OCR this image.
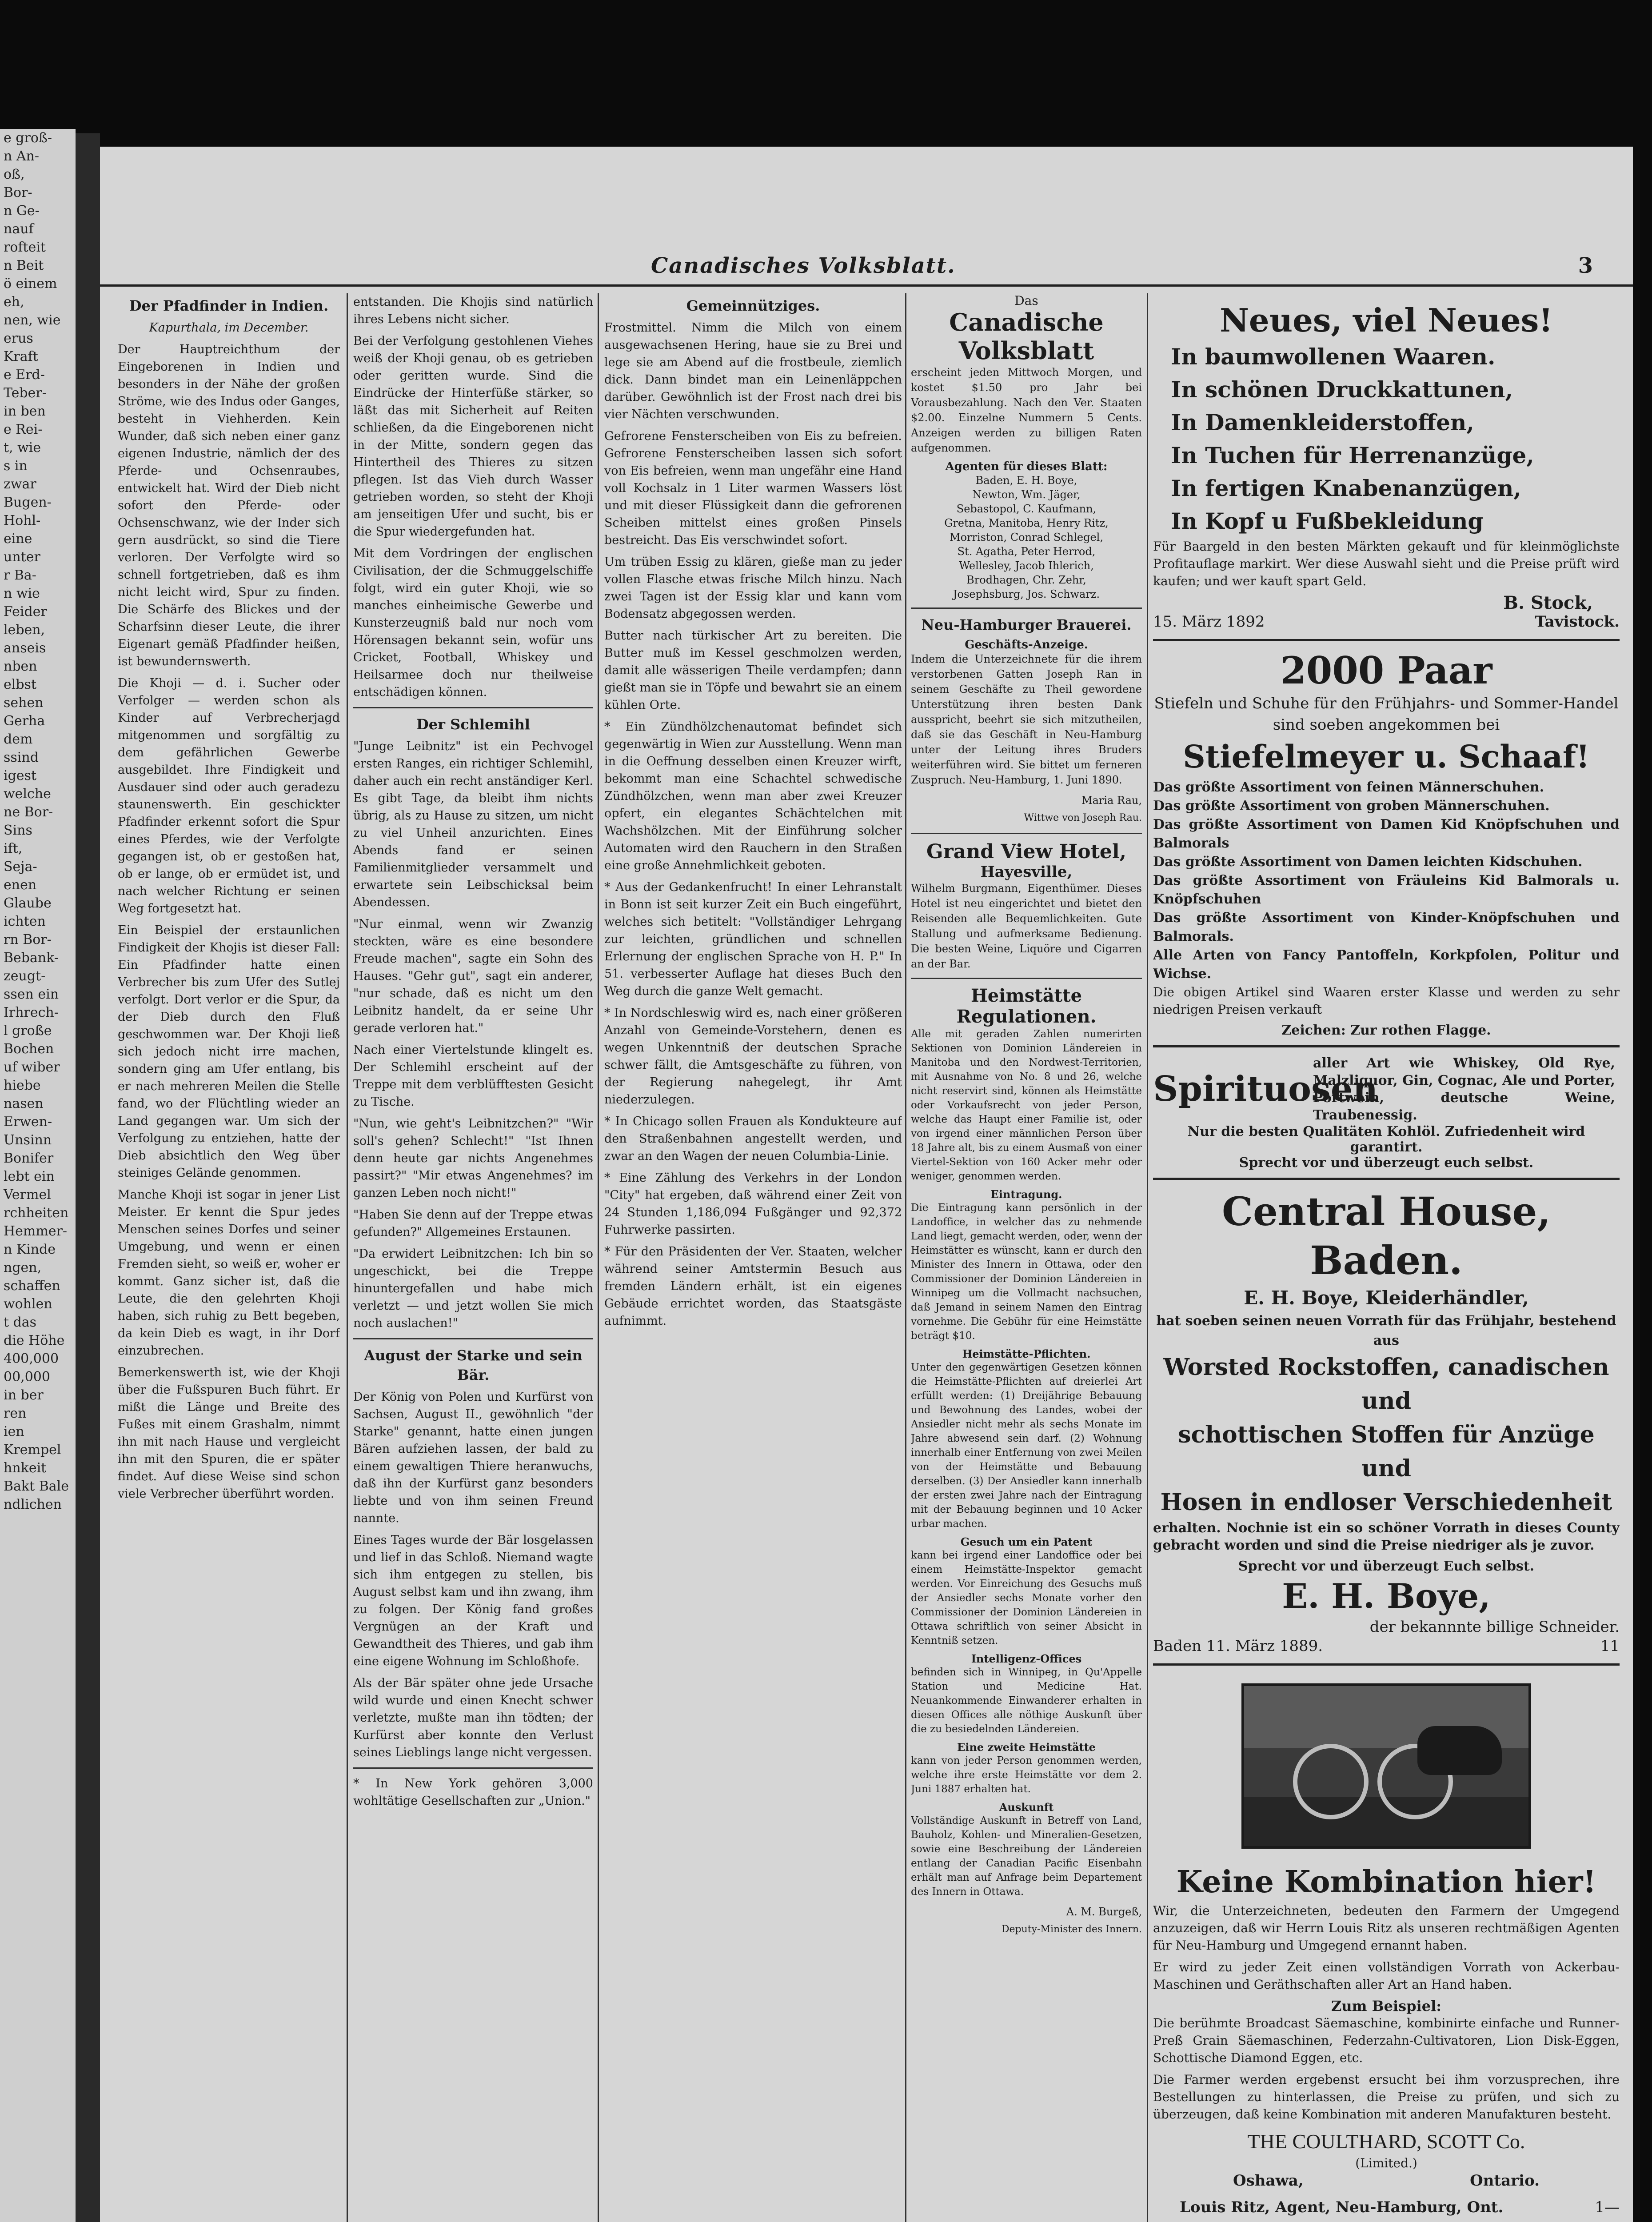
e groß-
n An-
oß,
Bor-
n Ge-
nauf
rofteit
n Beit
ö einem
eh,
nen, wie
erus
Kraft
e Erd-
Teber-
in ben
e Rei-
t, wie
s in
zwar
Bugen-
Hohl-
eine
unter
r Ba-
n wie
Feider
leben,
anseis
nben
elbst
sehen
Gerha
dem
ssind
igest
welche
ne Bor-
Sins
ift,
Seja-
enen
Glaube
ichten
rn Bor-
Bebank-
zeugt-
ssen ein
Irhrech-
l große
Bochen
uf wiber
hiebe
nasen
Erwen-
Unsinn
Bonifer
lebt ein
Vermel
rchheiten
Hemmer-
n Kinde
ngen,
schaffen
wohlen
t das
die Höhe
400,000
00,000
in ber
ren
ien
Krempel
hnkeit
Bakt Bale
ndlichen
Canadisches Volksblatt.	3
Der Pfadfinder in Indien.
Kapurthala, im December.
Der Hauptreichthum der Eingeborenen in Indien und besonders in der Nähe der großen Ströme, wie des Indus oder Ganges, besteht in Viehherden. Kein Wunder, daß sich neben einer ganz eigenen Industrie, nämlich der des Pferde- und Ochsenraubes, entwickelt hat. Wird der Dieb nicht sofort den Pferde- oder Ochsenschwanz, wie der Inder sich gern ausdrückt, so sind die Tiere verloren. Der Verfolgte wird so schnell fortgetrieben, daß es ihm nicht leicht wird, Spur zu finden. Die Schärfe des Blickes und der Scharfsinn dieser Leute, die ihrer Eigenart gemäß Pfadfinder heißen, ist bewundernswerth.
Die Khoji — d. i. Sucher oder Verfolger — werden schon als Kinder auf Verbrecherjagd mitgenommen und sorgfältig zu dem gefährlichen Gewerbe ausgebildet. Ihre Findigkeit und Ausdauer sind oder auch geradezu staunenswerth. Ein geschickter Pfadfinder erkennt sofort die Spur eines Pferdes, wie der Verfolgte gegangen ist, ob er gestoßen hat, ob er lange, ob er ermüdet ist, und nach welcher Richtung er seinen Weg fortgesetzt hat.
Ein Beispiel der erstaunlichen Findigkeit der Khojis ist dieser Fall: Ein Pfadfinder hatte einen Verbrecher bis zum Ufer des Sutlej verfolgt. Dort verlor er die Spur, da der Dieb durch den Fluß geschwommen war. Der Khoji ließ sich jedoch nicht irre machen, sondern ging am Ufer entlang, bis er nach mehreren Meilen die Stelle fand, wo der Flüchtling wieder an Land gegangen war. Um sich der Verfolgung zu entziehen, hatte der Dieb absichtlich den Weg über steiniges Gelände genommen.
Manche Khoji ist sogar in jener List Meister. Er kennt die Spur jedes Menschen seines Dorfes und seiner Umgebung, und wenn er einen Fremden sieht, so weiß er, woher er kommt. Ganz sicher ist, daß die Leute, die den gelehrten Khoji haben, sich ruhig zu Bett begeben, da kein Dieb es wagt, in ihr Dorf einzubrechen.
Bemerkenswerth ist, wie der Khoji über die Fußspuren Buch führt. Er mißt die Länge und Breite des Fußes mit einem Grashalm, nimmt ihn mit nach Hause und vergleicht ihn mit den Spuren, die er später findet. Auf diese Weise sind schon viele Verbrecher überführt worden.
entstanden. Die Khojis sind natürlich ihres Lebens nicht sicher.
Bei der Verfolgung gestohlenen Viehes weiß der Khoji genau, ob es getrieben oder geritten wurde. Sind die Eindrücke der Hinterfüße stärker, so läßt das mit Sicherheit auf Reiten schließen, da die Eingeborenen nicht in der Mitte, sondern gegen das Hintertheil des Thieres zu sitzen pflegen. Ist das Vieh durch Wasser getrieben worden, so steht der Khoji am jenseitigen Ufer und sucht, bis er die Spur wiedergefunden hat.
Mit dem Vordringen der englischen Civilisation, der die Schmuggelschiffe folgt, wird ein guter Khoji, wie so manches einheimische Gewerbe und Kunsterzeugniß bald nur noch vom Hörensagen bekannt sein, wofür uns Cricket, Football, Whiskey und Heilsarmee doch nur theilweise entschädigen können.
Der Schlemihl
"Junge Leibnitz" ist ein Pechvogel ersten Ranges, ein richtiger Schlemihl, daher auch ein recht anständiger Kerl. Es gibt Tage, da bleibt ihm nichts übrig, als zu Hause zu sitzen, um nicht zu viel Unheil anzurichten. Eines Abends fand er seinen Familienmitglieder versammelt und erwartete sein Leibschicksal beim Abendessen.
"Nur einmal, wenn wir Zwanzig steckten, wäre es eine besondere Freude machen", sagte ein Sohn des Hauses. "Gehr gut", sagt ein anderer, "nur schade, daß es nicht um den Leibnitz handelt, da er seine Uhr gerade verloren hat."
Nach einer Viertelstunde klingelt es. Der Schlemihl erscheint auf der Treppe mit dem verblüfftesten Gesicht zu Tische.
"Nun, wie geht's Leibnitzchen?" "Wir soll's gehen? Schlecht!" "Ist Ihnen denn heute gar nichts Angenehmes passirt?" "Mir etwas Angenehmes? im ganzen Leben noch nicht!"
"Haben Sie denn auf der Treppe etwas gefunden?" Allgemeines Erstaunen.
"Da erwidert Leibnitzchen: Ich bin so ungeschickt, bei die Treppe hinuntergefallen und habe mich verletzt — und jetzt wollen Sie mich noch auslachen!"
August der Starke und sein Bär.
Der König von Polen und Kurfürst von Sachsen, August II., gewöhnlich "der Starke" genannt, hatte einen jungen Bären aufziehen lassen, der bald zu einem gewaltigen Thiere heranwuchs, daß ihn der Kurfürst ganz besonders liebte und von ihm seinen Freund nannte.
Eines Tages wurde der Bär losgelassen und lief in das Schloß. Niemand wagte sich ihm entgegen zu stellen, bis August selbst kam und ihn zwang, ihm zu folgen. Der König fand großes Vergnügen an der Kraft und Gewandtheit des Thieres, und gab ihm eine eigene Wohnung im Schloßhofe.
Als der Bär später ohne jede Ursache wild wurde und einen Knecht schwer verletzte, mußte man ihn tödten; der Kurfürst aber konnte den Verlust seines Lieblings lange nicht vergessen.
* In New York gehören 3,000 wohltätige Gesellschaften zur „Union."
Gemeinnütziges.
Frostmittel. Nimm die Milch von einem ausgewachsenen Hering, haue sie zu Brei und lege sie am Abend auf die frostbeule, ziemlich dick. Dann bindet man ein Leinenläppchen darüber. Gewöhnlich ist der Frost nach drei bis vier Nächten verschwunden.
Gefrorene Fensterscheiben von Eis zu befreien. Gefrorene Fensterscheiben lassen sich sofort von Eis befreien, wenn man ungefähr eine Hand voll Kochsalz in 1 Liter warmen Wassers löst und mit dieser Flüssigkeit dann die gefrorenen Scheiben mittelst eines großen Pinsels bestreicht. Das Eis verschwindet sofort.
Um trüben Essig zu klären, gieße man zu jeder vollen Flasche etwas frische Milch hinzu. Nach zwei Tagen ist der Essig klar und kann vom Bodensatz abgegossen werden.
Butter nach türkischer Art zu bereiten. Die Butter muß im Kessel geschmolzen werden, damit alle wässerigen Theile verdampfen; dann gießt man sie in Töpfe und bewahrt sie an einem kühlen Orte.
* Ein Zündhölzchenautomat befindet sich gegenwärtig in Wien zur Ausstellung. Wenn man in die Oeffnung desselben einen Kreuzer wirft, bekommt man eine Schachtel schwedische Zündhölzchen, wenn man aber zwei Kreuzer opfert, ein elegantes Schächtelchen mit Wachshölzchen. Mit der Einführung solcher Automaten wird den Rauchern in den Straßen eine große Annehmlichkeit geboten.
* Aus der Gedankenfrucht! In einer Lehranstalt in Bonn ist seit kurzer Zeit ein Buch eingeführt, welches sich betitelt: "Vollständiger Lehrgang zur leichten, gründlichen und schnellen Erlernung der englischen Sprache von H. P." In 51. verbesserter Auflage hat dieses Buch den Weg durch die ganze Welt gemacht.
* In Nordschleswig wird es, nach einer größeren Anzahl von Gemeinde-Vorstehern, denen es wegen Unkenntniß der deutschen Sprache schwer fällt, die Amtsgeschäfte zu führen, von der Regierung nahegelegt, ihr Amt niederzulegen.
* In Chicago sollen Frauen als Kondukteure auf den Straßenbahnen angestellt werden, und zwar an den Wagen der neuen Columbia-Linie.
* Eine Zählung des Verkehrs in der London "City" hat ergeben, daß während einer Zeit von 24 Stunden 1,186,094 Fußgänger und 92,372 Fuhrwerke passirten.
* Für den Präsidenten der Ver. Staaten, welcher während seiner Amtstermin Besuch aus fremden Ländern erhält, ist ein eigenes Gebäude errichtet worden, das Staatsgäste aufnimmt.
Das
Canadische Volksblatt
erscheint jeden Mittwoch Morgen, und kostet $1.50 pro Jahr bei Vorausbezahlung. Nach den Ver. Staaten $2.00. Einzelne Nummern 5 Cents. Anzeigen werden zu billigen Raten aufgenommen.
Agenten für dieses Blatt:
Baden, E. H. Boye,
Newton, Wm. Jäger,
Sebastopol, C. Kaufmann,
Gretna, Manitoba, Henry Ritz,
Morriston, Conrad Schlegel,
St. Agatha, Peter Herrod,
Wellesley, Jacob Ihlerich,
Brodhagen, Chr. Zehr,
Josephsburg, Jos. Schwarz.
Neu-Hamburger Brauerei.
Geschäfts-Anzeige.
Indem die Unterzeichnete für die ihrem verstorbenen Gatten Joseph Ran in seinem Geschäfte zu Theil gewordene Unterstützung ihren besten Dank ausspricht, beehrt sie sich mitzutheilen, daß sie das Geschäft in Neu-Hamburg unter der Leitung ihres Bruders weiterführen wird. Sie bittet um ferneren Zuspruch. Neu-Hamburg, 1. Juni 1890.
Maria Rau,
Wittwe von Joseph Rau.
Grand View Hotel,
Hayesville,
Wilhelm Burgmann, Eigenthümer. Dieses Hotel ist neu eingerichtet und bietet den Reisenden alle Bequemlichkeiten. Gute Stallung und aufmerksame Bedienung. Die besten Weine, Liquöre und Cigarren an der Bar.
Heimstätte Regulationen.
Alle mit geraden Zahlen numerirten Sektionen von Dominion Ländereien in Manitoba und den Nordwest-Territorien, mit Ausnahme von No. 8 und 26, welche nicht reservirt sind, können als Heimstätte oder Vorkaufsrecht von jeder Person, welche das Haupt einer Familie ist, oder von irgend einer männlichen Person über 18 Jahre alt, bis zu einem Ausmaß von einer Viertel-Sektion von 160 Acker mehr oder weniger, genommen werden.
Eintragung.
Die Eintragung kann persönlich in der Landoffice, in welcher das zu nehmende Land liegt, gemacht werden, oder, wenn der Heimstätter es wünscht, kann er durch den Minister des Innern in Ottawa, oder den Commissioner der Dominion Ländereien in Winnipeg um die Vollmacht nachsuchen, daß Jemand in seinem Namen den Eintrag vornehme. Die Gebühr für eine Heimstätte beträgt $10.
Heimstätte-Pflichten.
Unter den gegenwärtigen Gesetzen können die Heimstätte-Pflichten auf dreierlei Art erfüllt werden: (1) Dreijährige Bebauung und Bewohnung des Landes, wobei der Ansiedler nicht mehr als sechs Monate im Jahre abwesend sein darf. (2) Wohnung innerhalb einer Entfernung von zwei Meilen von der Heimstätte und Bebauung derselben. (3) Der Ansiedler kann innerhalb der ersten zwei Jahre nach der Eintragung mit der Bebauung beginnen und 10 Acker urbar machen.
Gesuch um ein Patent
kann bei irgend einer Landoffice oder bei einem Heimstätte-Inspektor gemacht werden. Vor Einreichung des Gesuchs muß der Ansiedler sechs Monate vorher den Commissioner der Dominion Ländereien in Ottawa schriftlich von seiner Absicht in Kenntniß setzen.
Intelligenz-Offices
befinden sich in Winnipeg, in Qu'Appelle Station und Medicine Hat. Neuankommende Einwanderer erhalten in diesen Offices alle nöthige Auskunft über die zu besiedelnden Ländereien.
Eine zweite Heimstätte
kann von jeder Person genommen werden, welche ihre erste Heimstätte vor dem 2. Juni 1887 erhalten hat.
Auskunft
Vollständige Auskunft in Betreff von Land, Bauholz, Kohlen- und Mineralien-Gesetzen, sowie eine Beschreibung der Ländereien entlang der Canadian Pacific Eisenbahn erhält man auf Anfrage beim Departement des Innern in Ottawa.
A. M. Burgeß,
Deputy-Minister des Innern.
Neues, viel Neues!
In baumwollenen Waaren.
In schönen Druckkattunen,
In Damenkleiderstoffen,
In Tuchen für Herrenanzüge,
In fertigen Knabenanzügen,
In Kopf u Fußbekleidung
Für Baargeld in den besten Märkten gekauft und für kleinmöglichste Profitauflage markirt. Wer diese Auswahl sieht und die Preise prüft wird kaufen; und wer kauft spart Geld.
B. Stock,
15. März 1892	Tavistock.
2000 Paar
Stiefeln und Schuhe für den Frühjahrs- und Sommer-Handel sind soeben angekommen bei
Stiefelmeyer u. Schaaf!
Das größte Assortiment von feinen Männerschuhen.
Das größte Assortiment von groben Männerschuhen.
Das größte Assortiment von Damen Kid Knöpfschuhen und Balmorals
Das größte Assortiment von Damen leichten Kidschuhen.
Das größte Assortiment von Fräuleins Kid Balmorals u. Knöpfschuhen
Das größte Assortiment von Kinder-Knöpfschuhen und Balmorals.
Alle Arten von Fancy Pantoffeln, Korkpfolen, Politur und Wichse.
Die obigen Artikel sind Waaren erster Klasse und werden zu sehr niedrigen Preisen verkauft
Zeichen: Zur rothen Flagge.
Spirituosen
aller Art wie Whiskey, Old Rye, Malzliquor, Gin, Cognac, Ale und Porter, Portwein, deutsche Weine, Traubenessig.
Nur die besten Qualitäten Kohlöl. Zufriedenheit wird garantirt.
Sprecht vor und überzeugt euch selbst.
Central House, Baden.
E. H. Boye, Kleiderhändler,
hat soeben seinen neuen Vorrath für das Frühjahr, bestehend aus
Worsted Rockstoffen, canadischen und
schottischen Stoffen für Anzüge und
Hosen in endloser Verschiedenheit
erhalten. Nochnie ist ein so schöner Vorrath in dieses County gebracht worden und sind die Preise niedriger als je zuvor.
Sprecht vor und überzeugt Euch selbst.
E. H. Boye,
der bekannnte billige Schneider.
Baden 11. März 1889.	11
Keine Kombination hier!
Wir, die Unterzeichneten, bedeuten den Farmern der Umgegend anzuzeigen, daß wir Herrn Louis Ritz als unseren rechtmäßigen Agenten für Neu-Hamburg und Umgegend ernannt haben.
Er wird zu jeder Zeit einen vollständigen Vorrath von Ackerbau-Maschinen und Geräthschaften aller Art an Hand haben.
Zum Beispiel:
Die berühmte Broadcast Säemaschine, kombinirte einfache und Runner-Preß Grain Säemaschinen, Federzahn-Cultivatoren, Lion Disk-Eggen, Schottische Diamond Eggen, etc.
Die Farmer werden ergebenst ersucht bei ihm vorzusprechen, ihre Bestellungen zu hinterlassen, die Preise zu prüfen, und sich zu überzeugen, daß keine Kombination mit anderen Manufakturen besteht.
THE COULTHARD, SCOTT Co.
(Limited.)
Oshawa,	Ontario.
Louis Ritz, Agent, Neu-Hamburg, Ont.	1—
